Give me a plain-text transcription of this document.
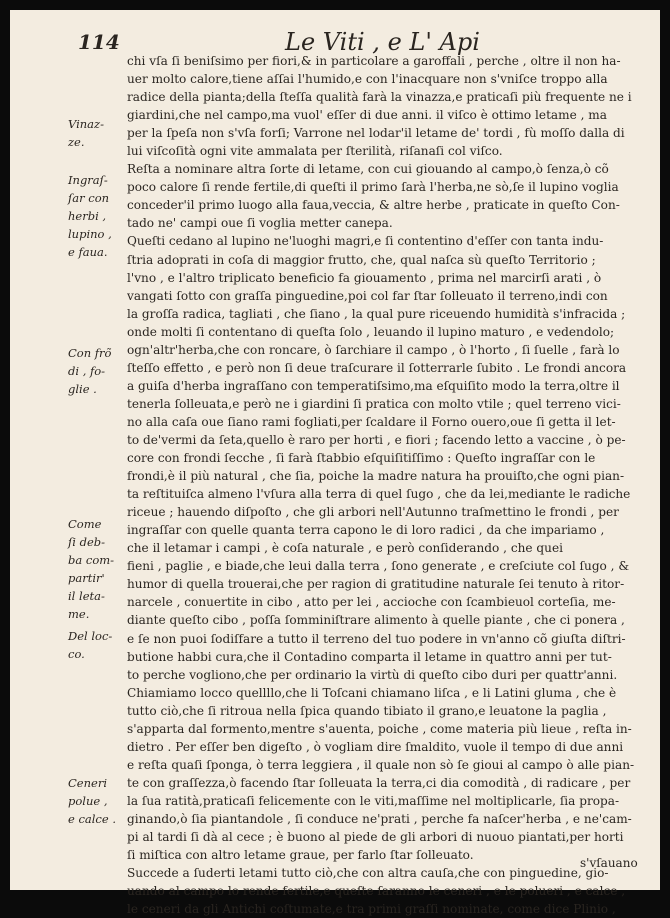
114	Le Viti , e L' Api
Vinaz-
ze.
Ingraſ-
ſar con
herbi ,
lupino ,
e faua.
Con frõ
di , fo-
glie .
Come
ſi deb-
ba com-
partir'
il leta-
me.
Del loc-
co.
Ceneri
polue ,
e calce .
chi vſa ſi beniſsimo per fiori,& in particolare a garoffali , perche , oltre il non ha-
uer molto calore,tiene aſſai l'humido,e con l'inacquare non s'vniſce troppo alla
radice della pianta;della ſteſſa qualità farà la vinazza,e praticaſi più frequente ne i
giardini,che nel campo,ma vuol' eſſer di due anni. il viſco è ottimo letame , ma
per la ſpeſa non s'vſa forſi; Varrone nel lodar'il letame de' tordi , fù moſſo dalla di
lui viſcoſità ogni vite ammalata per ſterilità, riſanaſi col viſco.
Reſta a nominare altra ſorte di letame, con cui giouando al campo,ò ſenza,ò cõ
poco calore ſi rende fertile,di queſti il primo ſarà l'herba,ne sò,ſe il lupino voglia
conceder'il primo luogo alla faua,veccia, & altre herbe , praticate in queſto Con-
tado ne' campi oue ſi voglia metter canepa.
Queſti cedano al lupino ne'luoghi magri,e ſi contentino d'eſſer con tanta indu-
ſtria adoprati in coſa di maggior frutto, che, qual naſca sù queſto Territorio ;
l'vno , e l'altro triplicato beneficio fa giouamento , prima nel marcirſi arati , ò
vangati ſotto con graſſa pinguedine,poi col far ſtar ſolleuato il terreno,indi con
la groſſa radica, tagliati , che ſiano , la qual pure riceuendo humidità s'infracida ;
onde molti ſi contentano di queſta ſolo , leuando il lupino maturo , e vedendolo;
ogn'altr'herba,che con roncare, ò ſarchiare il campo , ò l'horto , ſi ſuelle , farà lo
ſteſſo effetto , e però non ſi deue traſcurare il ſotterrarle ſubito . Le frondi ancora
a guiſa d'herba ingraſſano con temperatiſsimo,ma eſquiſito modo la terra,oltre il
tenerla ſolleuata,e però ne i giardini ſi pratica con molto vtile ; quel terreno vici-
no alla caſa oue ſiano rami fogliati,per ſcaldare il Forno ouero,oue ſi getta il let-
to de'vermi da ſeta,quello è raro per horti , e fiori ; facendo letto a vaccine , ò pe-
core con frondi ſecche , ſi farà ſtabbio eſquiſitiſſimo : Queſto ingraſſar con le
frondi,è il più natural , che ſia, poiche la madre natura ha prouiſto,che ogni pian-
ta reſtituiſca almeno l'vſura alla terra di quel ſugo , che da lei,mediante le radiche
riceue ; hauendo diſpoſto , che gli arbori nell'Autunno traſmettino le frondi , per
ingraſſar con quelle quanta terra capono le di loro radici , da che impariamo ,
che il letamar i campi , è coſa naturale , e però conſiderando , che quei
fieni , paglie , e biade,che leui dalla terra , ſono generate , e creſciute col ſugo , &
humor di quella trouerai,che per ragion di gratitudine naturale ſei tenuto à ritor-
narcele , conuertite in cibo , atto per lei , accioche con ſcambieuol corteſia, me-
diante queſto cibo , poſſa ſomminiſtrare alimento à quelle piante , che ci ponera ,
e ſe non puoi ſodiſfare a tutto il terreno del tuo podere in vn'anno cõ giuſta diſtri-
butione habbi cura,che il Contadino comparta il letame in quattro anni per tut-
to perche vogliono,che per ordinario la virtù di queſto cibo duri per quattr'anni.
Chiamiamo locco quellllo,che li Toſcani chiamano liſca , e li Latini gluma , che è
tutto ciò,che ſi ritroua nella ſpica quando tibiato il grano,e leuatone la paglia ,
s'apparta dal formento,mentre s'auenta, poiche , come materia più lieue , reſta in-
dietro . Per eſſer ben digeſto , ò vogliam dire ſmaldito, vuole il tempo di due anni
e reſta quaſi ſponga, ò terra leggiera , il quale non sò ſe gioui al campo ò alle pian-
te con graſſezza,ò facendo ſtar ſolleuata la terra,ci dia comodità , di radicare , per
la ſua ratità,praticaſi felicemente con le viti,maſſime nel moltiplicarle, ſia propa-
ginando,ò ſia piantandole , ſi conduce ne'prati , perche fa naſcer'herba , e ne'cam-
pi al tardi ſi dà al cece ; è buono al piede de gli arbori di nuouo piantati,per horti
ſi miſtica con altro letame graue, per farlo ſtar ſolleuato.
Succede a ſuderti letami tutto ciò,che con altra cauſa,che con pinguedine, gio-
uando al campo lo rende fertile,e queſte ſaranno le ceneri , e le polueri , e calce ,
le ceneri da gli Antichi coſtumate,e tra primi graſſi nominate, come dice Plinio ,
s'vſauano
